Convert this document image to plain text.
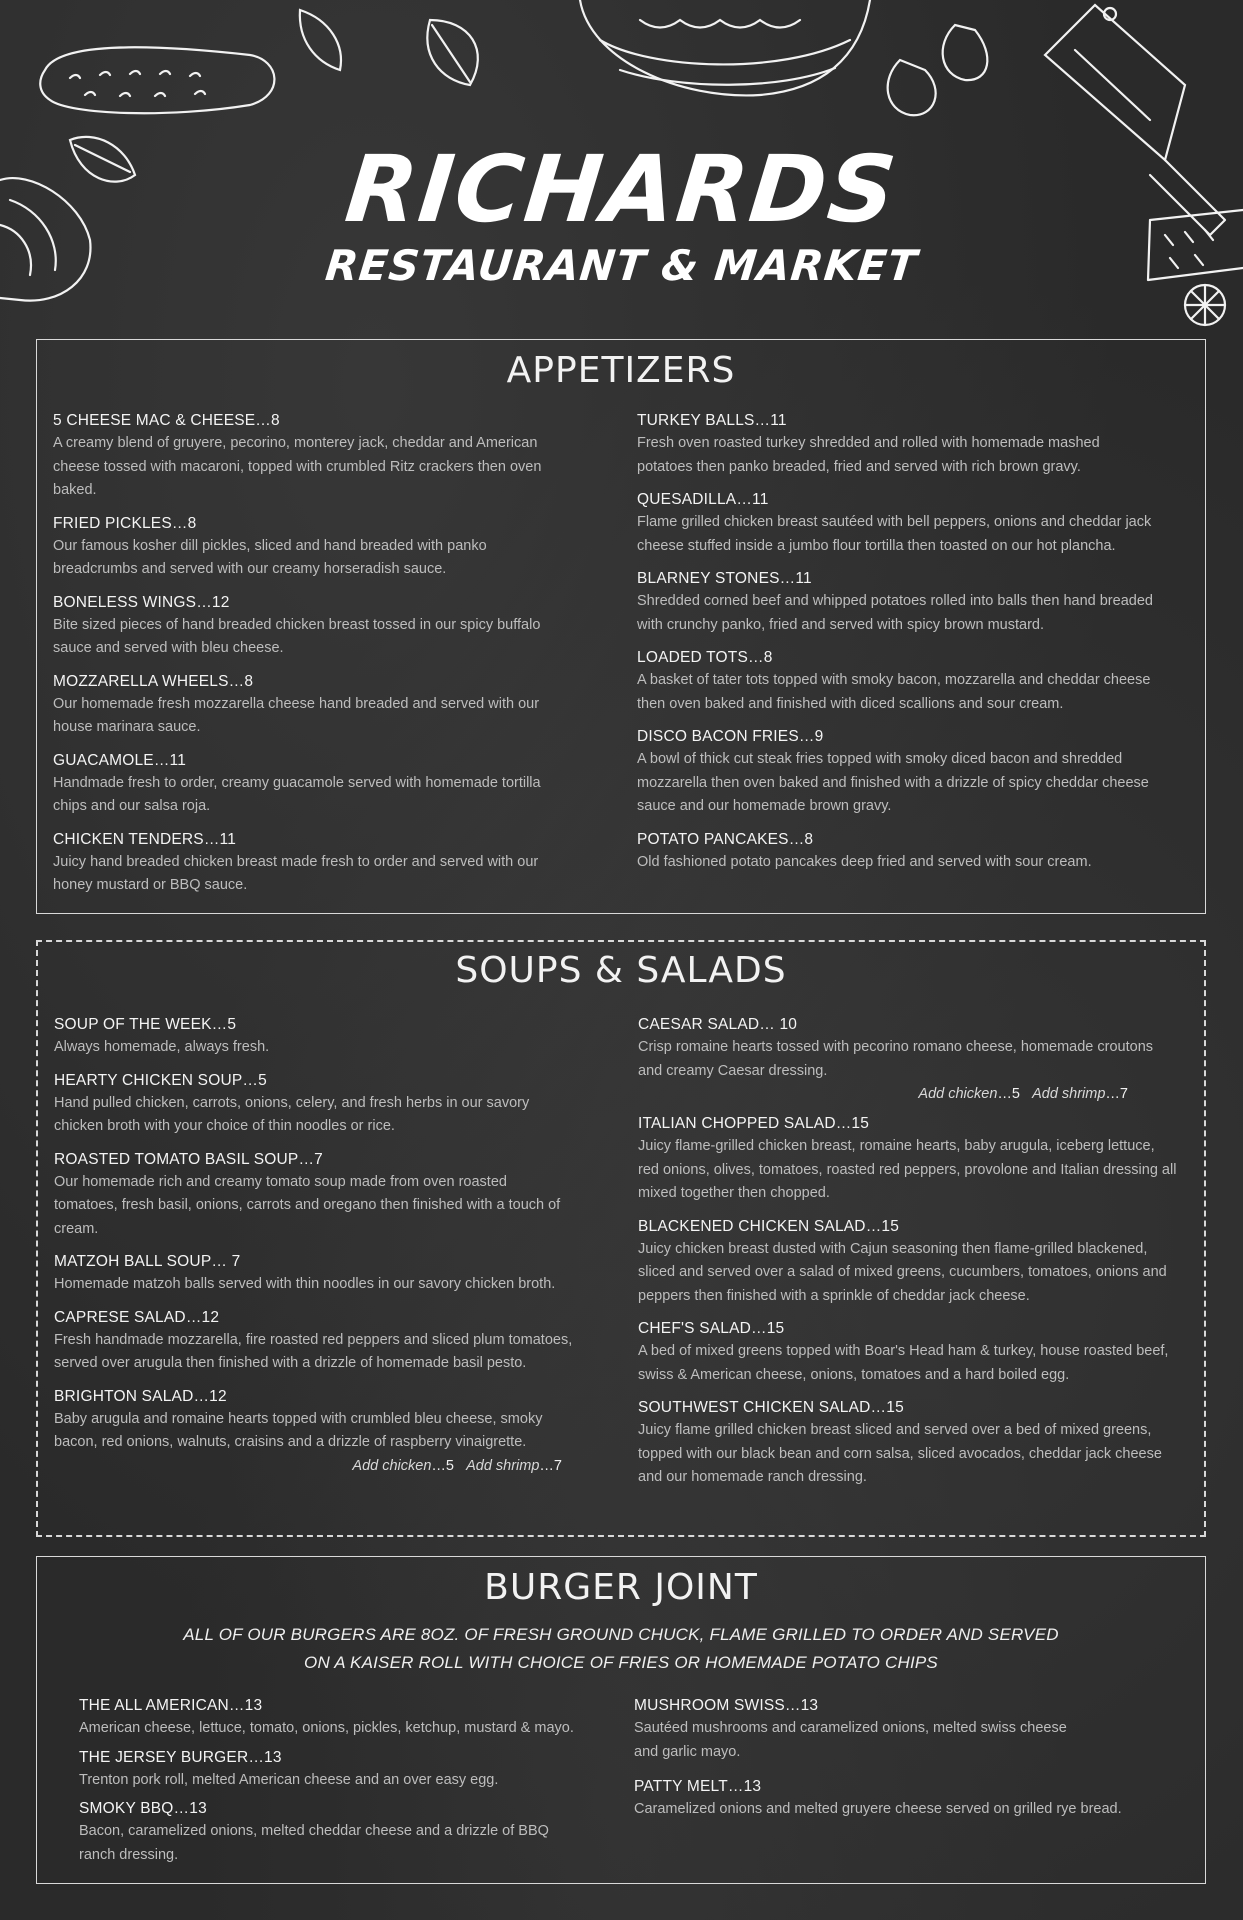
RICHARDS
RESTAURANT & MARKET
APPETIZERS
5 CHEESE MAC & CHEESE…8
A creamy blend of gruyere, pecorino, monterey jack, cheddar and American cheese tossed with macaroni, topped with crumbled Ritz crackers then oven baked.
FRIED PICKLES…8
Our famous kosher dill pickles, sliced and hand breaded with panko breadcrumbs and served with our creamy horseradish sauce.
BONELESS WINGS…12
Bite sized pieces of hand breaded chicken breast tossed in our spicy buffalo sauce and served with bleu cheese.
MOZZARELLA WHEELS…8
Our homemade fresh mozzarella cheese hand breaded and served with our house marinara sauce.
GUACAMOLE…11
Handmade fresh to order, creamy guacamole served with homemade tortilla chips and our salsa roja.
CHICKEN TENDERS…11
Juicy hand breaded chicken breast made fresh to order and served with our honey mustard or BBQ sauce.
TURKEY BALLS…11
Fresh oven roasted turkey shredded and rolled with homemade mashed potatoes then panko breaded, fried and served with rich brown gravy.
QUESADILLA…11
Flame grilled chicken breast sautéed with bell peppers, onions and cheddar jack cheese stuffed inside a jumbo flour tortilla then toasted on our hot plancha.
BLARNEY STONES…11
Shredded corned beef and whipped potatoes rolled into balls then hand breaded with crunchy panko, fried and served with spicy brown mustard.
LOADED TOTS…8
A basket of tater tots topped with smoky bacon, mozzarella and cheddar cheese then oven baked and finished with diced scallions and sour cream.
DISCO BACON FRIES…9
A bowl of thick cut steak fries topped with smoky diced bacon and shredded mozzarella then oven baked and finished with a drizzle of spicy cheddar cheese sauce and our homemade brown gravy.
POTATO PANCAKES…8
Old fashioned potato pancakes deep fried and served with sour cream.
SOUPS & SALADS
SOUP OF THE WEEK…5
Always homemade, always fresh.
HEARTY CHICKEN SOUP…5
Hand pulled chicken, carrots, onions, celery, and fresh herbs in our savory chicken broth with your choice of thin noodles or rice.
ROASTED TOMATO BASIL SOUP…7
Our homemade rich and creamy tomato soup made from oven roasted tomatoes, fresh basil, onions, carrots and oregano then finished with a touch of cream.
MATZOH BALL SOUP… 7
Homemade matzoh balls served with thin noodles in our savory chicken broth.
CAPRESE SALAD…12
Fresh handmade mozzarella, fire roasted red peppers and sliced plum tomatoes, served over arugula then finished with a drizzle of homemade basil pesto.
BRIGHTON SALAD…12
Baby arugula and romaine hearts topped with crumbled bleu cheese, smoky bacon, red onions, walnuts, craisins and a drizzle of raspberry vinaigrette.
Add chicken…5 Add shrimp…7
CAESAR SALAD… 10
Crisp romaine hearts tossed with pecorino romano cheese, homemade croutons and creamy Caesar dressing.
Add chicken…5 Add shrimp…7
ITALIAN CHOPPED SALAD…15
Juicy flame-grilled chicken breast, romaine hearts, baby arugula, iceberg lettuce, red onions, olives, tomatoes, roasted red peppers, provolone and Italian dressing all mixed together then chopped.
BLACKENED CHICKEN SALAD…15
Juicy chicken breast dusted with Cajun seasoning then flame-grilled blackened, sliced and served over a salad of mixed greens, cucumbers, tomatoes, onions and peppers then finished with a sprinkle of cheddar jack cheese.
CHEF'S SALAD…15
A bed of mixed greens topped with Boar's Head ham & turkey, house roasted beef, swiss & American cheese, onions, tomatoes and a hard boiled egg.
SOUTHWEST CHICKEN SALAD…15
Juicy flame grilled chicken breast sliced and served over a bed of mixed greens, topped with our black bean and corn salsa, sliced avocados, cheddar jack cheese and our homemade ranch dressing.
BURGER JOINT
ALL OF OUR BURGERS ARE 8OZ. OF FRESH GROUND CHUCK, FLAME GRILLED TO ORDER AND SERVED
ON A KAISER ROLL WITH CHOICE OF FRIES OR HOMEMADE POTATO CHIPS
THE ALL AMERICAN…13
American cheese, lettuce, tomato, onions, pickles, ketchup, mustard & mayo.
THE JERSEY BURGER…13
Trenton pork roll, melted American cheese and an over easy egg.
SMOKY BBQ…13
Bacon, caramelized onions, melted cheddar cheese and a drizzle of BBQ ranch dressing.
MUSHROOM SWISS…13
Sautéed mushrooms and caramelized onions, melted swiss cheese and garlic mayo.
PATTY MELT…13
Caramelized onions and melted gruyere cheese served on grilled rye bread.
